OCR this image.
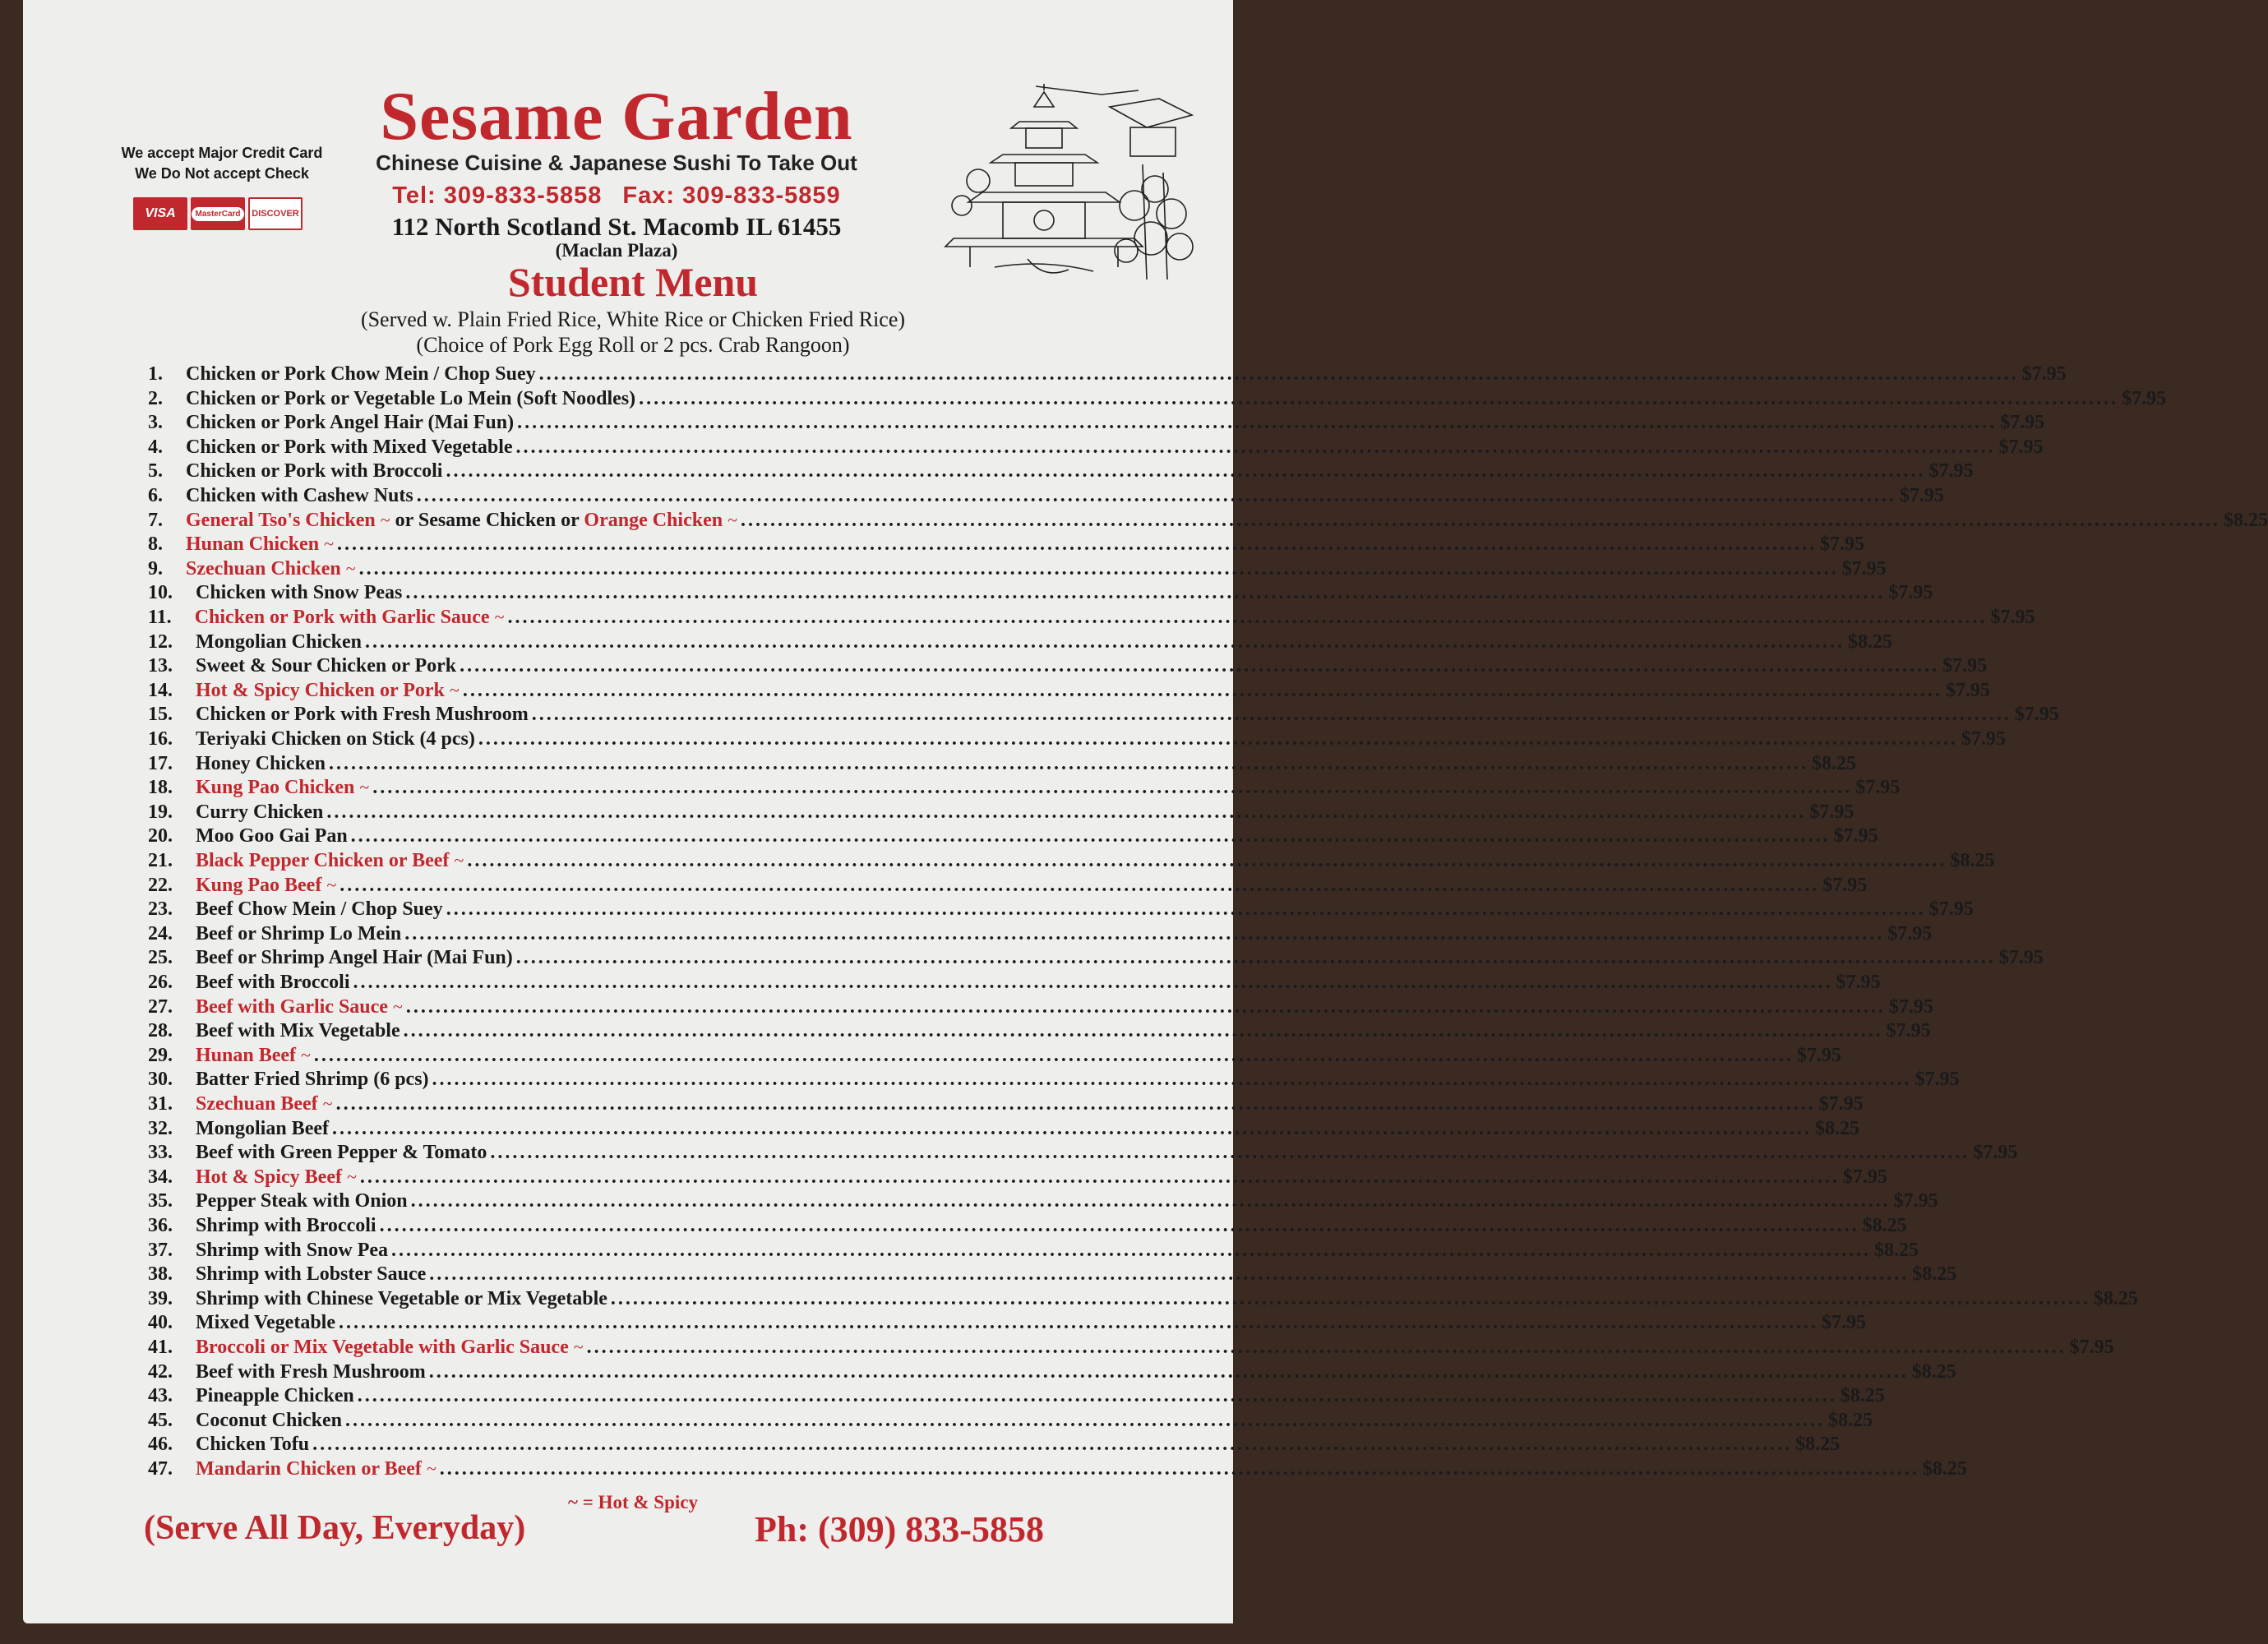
We accept Major Credit Card
We Do Not accept Check
VISA	MasterCard	DISCOVER
Sesame Garden
Chinese Cuisine & Japanese Sushi To Take Out
Tel: 309-833-5858 Fax: 309-833-5859
112 North Scotland St. Macomb IL 61455
(Maclan Plaza)
Student Menu
(Served w. Plain Fried Rice, White Rice or Chicken Fried Rice)
(Choice of Pork Egg Roll or 2 pcs. Crab Rangoon)
1.	Chicken or Pork Chow Mein / Chop Suey ........................................................................................................................................................................................................ $7.95
2.	Chicken or Pork or Vegetable Lo Mein (Soft Noodles) ........................................................................................................................................................................................................ $7.95
3.	Chicken or Pork Angel Hair (Mai Fun) ........................................................................................................................................................................................................ $7.95
4.	Chicken or Pork with Mixed Vegetable ........................................................................................................................................................................................................ $7.95
5.	Chicken or Pork with Broccoli ........................................................................................................................................................................................................ $7.95
6.	Chicken with Cashew Nuts ........................................................................................................................................................................................................ $7.95
7.	General Tso's Chicken ~ or Sesame Chicken or Orange Chicken ~ ........................................................................................................................................................................................................ $8.25
8.	Hunan Chicken ~ ........................................................................................................................................................................................................ $7.95
9.	Szechuan Chicken ~ ........................................................................................................................................................................................................ $7.95
10.	Chicken with Snow Peas ........................................................................................................................................................................................................ $7.95
11.	Chicken or Pork with Garlic Sauce ~ ........................................................................................................................................................................................................ $7.95
12.	Mongolian Chicken ........................................................................................................................................................................................................ $8.25
13.	Sweet & Sour Chicken or Pork ........................................................................................................................................................................................................ $7.95
14.	Hot & Spicy Chicken or Pork ~ ........................................................................................................................................................................................................ $7.95
15.	Chicken or Pork with Fresh Mushroom ........................................................................................................................................................................................................ $7.95
16.	Teriyaki Chicken on Stick (4 pcs) ........................................................................................................................................................................................................ $7.95
17.	Honey Chicken ........................................................................................................................................................................................................ $8.25
18.	Kung Pao Chicken ~ ........................................................................................................................................................................................................ $7.95
19.	Curry Chicken ........................................................................................................................................................................................................ $7.95
20.	Moo Goo Gai Pan ........................................................................................................................................................................................................ $7.95
21.	Black Pepper Chicken or Beef ~ ........................................................................................................................................................................................................ $8.25
22.	Kung Pao Beef ~ ........................................................................................................................................................................................................ $7.95
23.	Beef Chow Mein / Chop Suey ........................................................................................................................................................................................................ $7.95
24.	Beef or Shrimp Lo Mein ........................................................................................................................................................................................................ $7.95
25.	Beef or Shrimp Angel Hair (Mai Fun) ........................................................................................................................................................................................................ $7.95
26.	Beef with Broccoli ........................................................................................................................................................................................................ $7.95
27.	Beef with Garlic Sauce ~ ........................................................................................................................................................................................................ $7.95
28.	Beef with Mix Vegetable ........................................................................................................................................................................................................ $7.95
29.	Hunan Beef ~ ........................................................................................................................................................................................................ $7.95
30.	Batter Fried Shrimp (6 pcs) ........................................................................................................................................................................................................ $7.95
31.	Szechuan Beef ~ ........................................................................................................................................................................................................ $7.95
32.	Mongolian Beef ........................................................................................................................................................................................................ $8.25
33.	Beef with Green Pepper & Tomato ........................................................................................................................................................................................................ $7.95
34.	Hot & Spicy Beef ~ ........................................................................................................................................................................................................ $7.95
35.	Pepper Steak with Onion ........................................................................................................................................................................................................ $7.95
36.	Shrimp with Broccoli ........................................................................................................................................................................................................ $8.25
37.	Shrimp with Snow Pea ........................................................................................................................................................................................................ $8.25
38.	Shrimp with Lobster Sauce ........................................................................................................................................................................................................ $8.25
39.	Shrimp with Chinese Vegetable or Mix Vegetable ........................................................................................................................................................................................................ $8.25
40.	Mixed Vegetable ........................................................................................................................................................................................................ $7.95
41.	Broccoli or Mix Vegetable with Garlic Sauce ~ ........................................................................................................................................................................................................ $7.95
42.	Beef with Fresh Mushroom ........................................................................................................................................................................................................ $8.25
43.	Pineapple Chicken ........................................................................................................................................................................................................ $8.25
45.	Coconut Chicken ........................................................................................................................................................................................................ $8.25
46.	Chicken Tofu ........................................................................................................................................................................................................ $8.25
47.	Mandarin Chicken or Beef ~ ........................................................................................................................................................................................................ $8.25
~ = Hot & Spicy
(Serve All Day, Everyday)	Ph: (309) 833-5858
